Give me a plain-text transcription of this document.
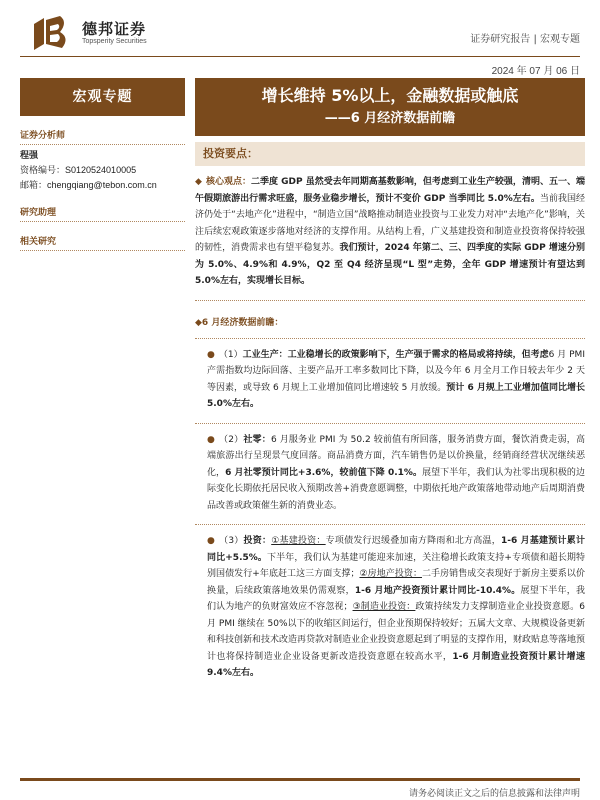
德邦证券
Topsperity Securities	证券研究报告 | 宏观专题
2024 年 07 月 06 日
宏观专题
证券分析师
程强
资格编号：S0120524010005
邮箱：chengqiang@tebon.com.cn
研究助理
相关研究
增长维持 5%以上，金融数据或触底
——6 月经济数据前瞻
投资要点：
◆ 核心观点：二季度 GDP 虽然受去年同期高基数影响，但考虑到工业生产较强，清明、五一、端午假期旅游出行需求旺盛，服务业稳步增长，预计不变价 GDP 当季同比 5.0%左右。当前我国经济仍处于“去地产化”进程中，“制造立国”战略推动制造业投资与工业发力对冲“去地产化”影响，关注后续宏观政策逐步落地对经济的支撑作用。从结构上看，广义基建投资和制造业投资将保持较强的韧性，消费需求也有望平稳复苏。我们预计，2024 年第二、三、四季度的实际 GDP 增速分别为 5.0%、4.9%和 4.9%，Q2 至 Q4 经济呈现“L 型”走势，全年 GDP 增速预计有望达到 5.0%左右，实现增长目标。
◆6 月经济数据前瞻：
● （1）工业生产：工业稳增长的政策影响下，生产强于需求的格局或将持续，但考虑6 月 PMI 产需指数均边际回落、主要产品开工率多数同比下降，以及今年 6 月全月工作日较去年少 2 天等因素，或导致 6 月规上工业增加值同比增速较 5 月放缓。预计 6 月规上工业增加值同比增长 5.0%左右。
● （2）社零：6 月服务业 PMI 为 50.2 较前值有所回落，服务消费方面，餐饮消费走弱，高端旅游出行呈现景气度回落。商品消费方面，汽车销售仍是以价换量，经销商经营状况继续恶化，6 月社零预计同比+3.6%，较前值下降 0.1%。展望下半年，我们认为社零出现积极的边际变化长期依托居民收入预期改善+消费意愿调整，中期依托地产政策落地带动地产后周期消费品改善或政策催生新的消费业态。
● （3）投资：①基建投资：专项债发行迟缓叠加南方降雨和北方高温，1-6 月基建预计累计同比+5.5%。下半年，我们认为基建可能迎来加速，关注稳增长政策支持+专项债和超长期特别国债发行+年底赶工这三方面支撑；②房地产投资：二手房销售成交表现好于新房主要系以价换量，后续政策落地效果仍需观察，1-6 月地产投资预计累计同比-10.4%。展望下半年，我们认为地产的负财富效应不容忽视；③制造业投资：政策持续发力支撑制造业企业投资意愿。6 月 PMI 继续在 50%以下的收缩区间运行，但企业预期保持较好；五属大文章、大规模设备更新和科技创新和技术改造再贷款对制造业企业投资意愿起到了明显的支撑作用，财政贴息等落地预计也将保持制造业企业设备更新改造投资意愿在较高水平，1-6 月制造业投资预计累计增速 9.4%左右。
请务必阅读正文之后的信息披露和法律声明
